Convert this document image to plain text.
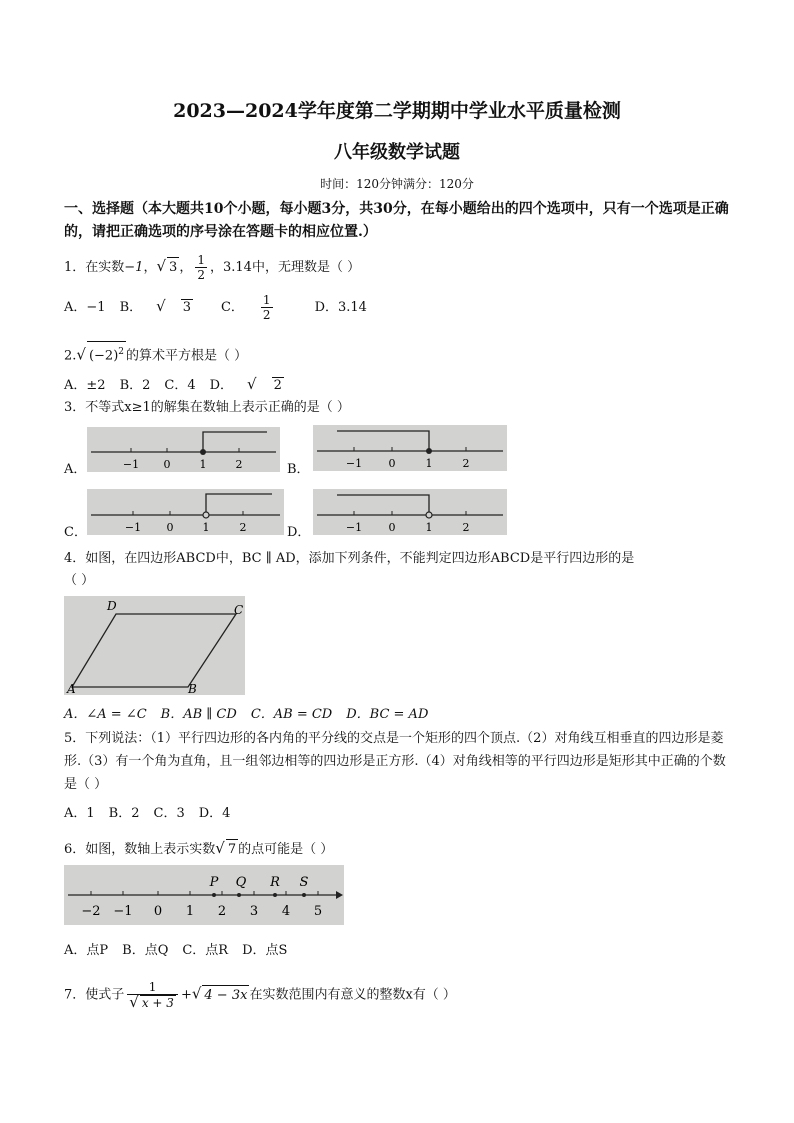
2023—2024学年度第二学期期中学业水平质量检测
八年级数学试题
时间：120分钟满分：120分
一、选择题（本大题共10个小题，每小题3分，共30分，在每小题给出的四个选项中，只有一个选项是正确的，请把正确选项的序号涂在答题卡的相应位置.）
1．在实数−1，√ 3 ， $\frac{1}{2}$ ，3.14中，无理数是（ ）
A．−1 B． √ 3 C． $\frac{1}{2}$ D．3.14
2.√ $(-2)^2$ 的算术平方根是（ ）
A．±2 B．2 C．4 D． √ 2
3．不等式x≥1的解集在数轴上表示正确的是（ ）
A．	−1 0	1	2	B．	−1 0	1	2
C．	−1 0	1	2	D．	−1 0	1	2
4．如图，在四边形ABCD中，BC ∥ AD，添加下列条件，不能判定四边形ABCD是平行四边形的是
（ ）
A	B
C
D
A．∠A = ∠C B．AB ∥ CD C．AB = CD D．BC = AD
5．下列说法：（1）平行四边形的各内角的平分线的交点是一个矩形的四个顶点.（2）对角线互相垂直的四边形是菱形.（3）有一个角为直角，且一组邻边相等的四边形是正方形.（4）对角线相等的平行四边形是矩形其中正确的个数是（ ）
A．1 B．2 C．3 D．4
6．如图，数轴上表示实数√ 7 的点可能是（ ）
P Q R S
−2 −1 0 1 2 3 4 5
A．点P B．点Q C．点R D．点S
7．使式子 $\frac{1}{√ x + 3}$ +√ 4 − 3x 在实数范围内有意义的整数x有（ ）
